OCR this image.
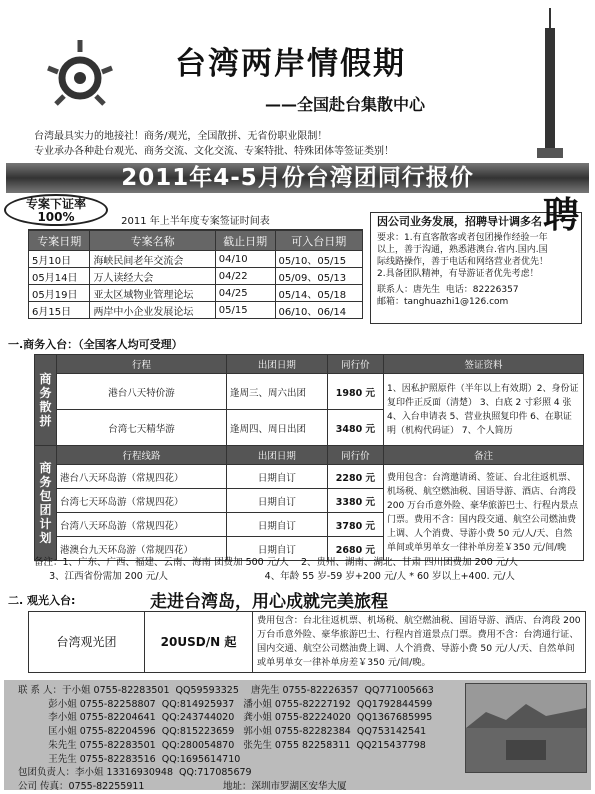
台湾两岸情假期
——全国赴台集散中心
台湾最具实力的地接社！商务/观光，全国散拼、无省份职业限制！
专业承办各种赴台观光、商务交流、文化交流、专案特批、特殊团体等签证类别！
2011年4-5月份台湾团同行报价
专案下证率
100%	2011 年上半年度专案签证时间表
专案日期	专案名称	截止日期	可入台日期
5月10日	海峡民间老年交流会	04/10	05/10、05/15
05月14日	万人读经大会	04/22	05/09、05/13
05月19日	亚太区域物业管理论坛	04/25	05/14、05/18
6月15日	两岸中小企业发展论坛	05/15	06/10、06/14
聘
因公司业务发展，招聘导计调多名
要求：1.有直客散客或者包团操作经验一年以上，善于沟通，熟悉港澳台.省内.国内.国际线路操作，善于电话和网络营业者优先！2.具备团队精神，有导游证者优先考虑！
联系人：唐先生 电话：82226357
邮箱：tanghuazhi1@126.com
一.商务入台：（全国客人均可受理）
商务散拼	行程	出团日期	同行价	签证资料
	港台八天特价游	逢周三、周六出团	1980 元	1、因私护照原件（半年以上有效期）2、身份证复印件正反面（清楚） 3、白底 2 寸彩照 4 张 4、入台申请表 5、营业执照复印件 6、在职证明（机构代码证） 7、个人简历
	台湾七天精华游	逢周四、周日出团	3480 元	
商务包团计划	行程线路	出团日期	同行价	备注
	港台八天环岛游（常规四花）	日期自订	2280 元	费用包含：台湾邀请函、签证、台北往返机票、机场税、航空燃油税、国语导游、酒店、台湾段 200 万台币意外险、豪华旅游巴士、行程内景点门票。费用不含：国内段交通、航空公司燃油费上调、人个消费、导游小费 50 元/人/天、自然单间或单男单女一律补单房差￥350 元/间/晚
	台湾七天环岛游（常规四花）	日期自订	3380 元	
	台湾八天环岛游（常规四花）	日期自订	3780 元	
	港澳台九天环岛游（常规四花）	日期自订	2680 元	
备注：1、广东、广西、福建、云南、海南 团费加 500 元/人    2、贵州、湖南、湖北、甘肃 四川团费加 200 元/人
3、江西省份需加 200 元/人                                4、年龄 55 岁-59 岁+200 元/人 * 60 岁以上+400. 元/人
二. 观光入台:	走进台湾岛，用心成就完美旅程
台湾观光团	20USD/N 起
费用包含：台北往返机票、机场税、航空燃油税、国语导游、酒店、台湾段 200 万台币意外险、豪华旅游巴士、行程内首道景点门票。费用不含：台湾通行证、国内交通、航空公司燃油费上调、人个消费、导游小费 50 元/人/天、自然单间或单男单女一律补单房差￥350 元/间/晚。
联 系 人：于小姐 0755-82283501  QQ59593325    唐先生 0755-82226357  QQ771005663
彭小姐 0755-82258807  QQ:814925937   潘小姐 0755-82227192  QQ1792844599
李小姐 0755-82204641  QQ:243744020   龚小姐 0755-82224020  QQ1367685995
匡小姐 0755-82204596  QQ:815223659   郭小姐 0755-82282384  QQ753142541
朱先生 0755-82283501  QQ:280054870   张先生 0755 82258311  QQ215437798
王先生 0755-82283516  QQ:1695614710
包团负责人：李小姐 13316930948  QQ:717085679
公司 传真：0755-82255911                          地址：深圳市罗湖区安华大厦
